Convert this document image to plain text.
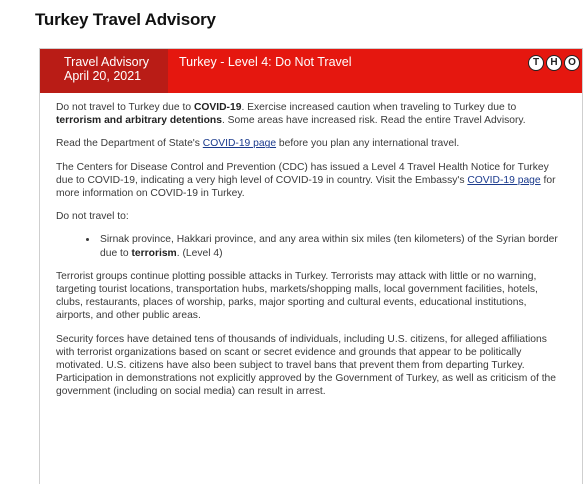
Turkey Travel Advisory
Travel Advisory
April 20, 2021
Turkey - Level 4: Do Not Travel	T	H	O

Do not travel to Turkey due to COVID-19. Exercise increased caution when traveling to Turkey due to terrorism and arbitrary detentions. Some areas have increased risk. Read the entire Travel Advisory.

Read the Department of State's COVID-19 page before you plan any international travel.

The Centers for Disease Control and Prevention (CDC) has issued a Level 4 Travel Health Notice for Turkey due to COVID-19, indicating a very high level of COVID-19 in country. Visit the Embassy's COVID-19 page for more information on COVID-19 in Turkey.

Do not travel to:

• Sirnak province, Hakkari province, and any area within six miles (ten kilometers) of the Syrian border due to terrorism. (Level 4)

Terrorist groups continue plotting possible attacks in Turkey. Terrorists may attack with little or no warning, targeting tourist locations, transportation hubs, markets/shopping malls, local government facilities, hotels, clubs, restaurants, places of worship, parks, major sporting and cultural events, educational institutions, airports, and other public areas.

Security forces have detained tens of thousands of individuals, including U.S. citizens, for alleged affiliations with terrorist organizations based on scant or secret evidence and grounds that appear to be politically motivated. U.S. citizens have also been subject to travel bans that prevent them from departing Turkey. Participation in demonstrations not explicitly approved by the Government of Turkey, as well as criticism of the government (including on social media) can result in arrest.
